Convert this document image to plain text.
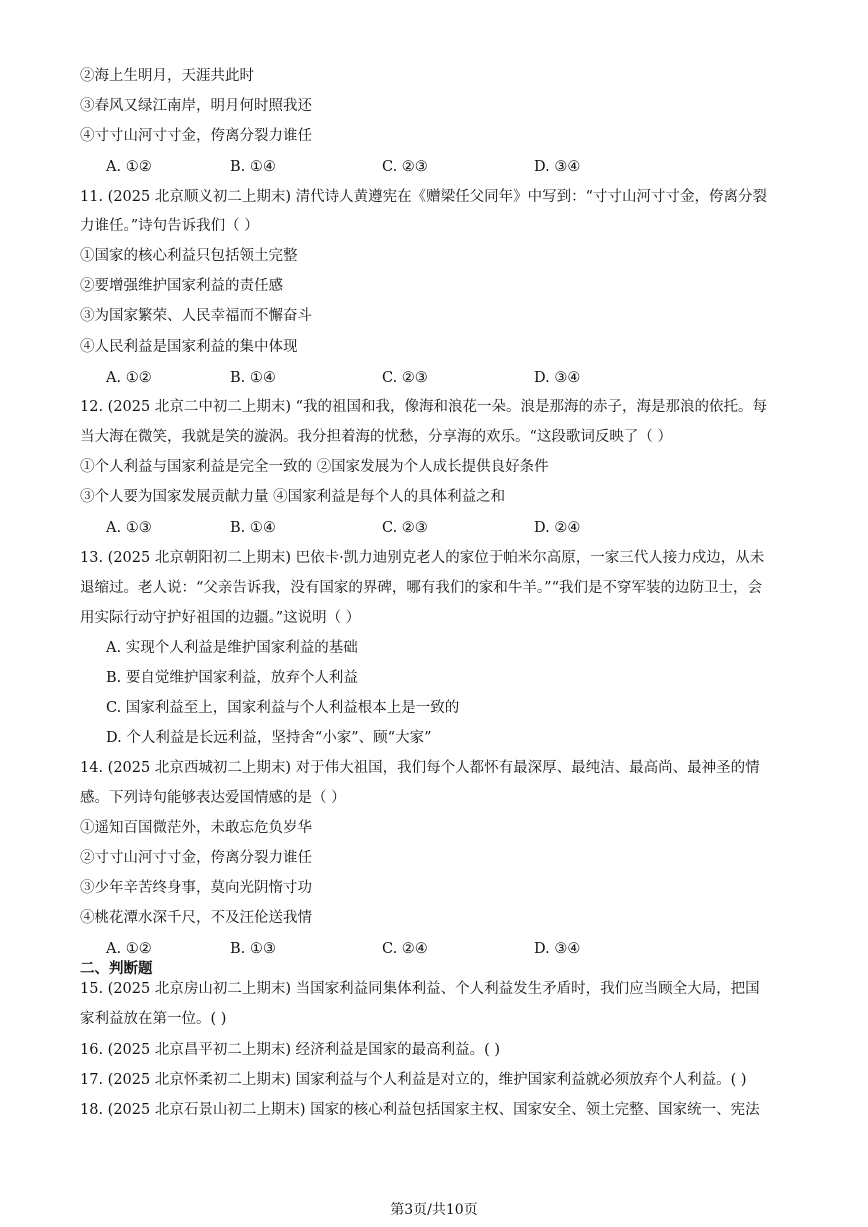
②海上生明月，天涯共此时
③春风又绿江南岸，明月何时照我还
④寸寸山河寸寸金，侉离分裂力谁任
A. ①②	B. ①④	C. ②③	D. ③④
11. (2025 北京顺义初二上期末) 清代诗人黄遵宪在《赠梁任父同年》中写到：“寸寸山河寸寸金，侉离分裂
力谁任。”诗句告诉我们（ ）
①国家的核心利益只包括领土完整
②要增强维护国家利益的责任感
③为国家繁荣、人民幸福而不懈奋斗
④人民利益是国家利益的集中体现
A. ①②	B. ①④	C. ②③	D. ③④
12. (2025 北京二中初二上期末) “我的祖国和我，像海和浪花一朵。浪是那海的赤子，海是那浪的依托。每
当大海在微笑，我就是笑的漩涡。我分担着海的忧愁，分享海的欢乐。“这段歌词反映了（ ）
①个人利益与国家利益是完全一致的 ②国家发展为个人成长提供良好条件
③个人要为国家发展贡献力量 ④国家利益是每个人的具体利益之和
A. ①③	B. ①④	C. ②③	D. ②④
13. (2025 北京朝阳初二上期末) 巴依卡·凯力迪别克老人的家位于帕米尔高原，一家三代人接力戍边，从未
退缩过。老人说：“父亲告诉我，没有国家的界碑，哪有我们的家和牛羊。”“我们是不穿军装的边防卫士，会
用实际行动守护好祖国的边疆。”这说明（ ）
A. 实现个人利益是维护国家利益的基础
B. 要自觉维护国家利益，放弃个人利益
C. 国家利益至上，国家利益与个人利益根本上是一致的
D. 个人利益是长远利益，坚持舍“小家”、顾“大家”
14. (2025 北京西城初二上期末) 对于伟大祖国，我们每个人都怀有最深厚、最纯洁、最高尚、最神圣的情
感。下列诗句能够表达爱国情感的是（ ）
①遥知百国微茫外，未敢忘危负岁华
②寸寸山河寸寸金，侉离分裂力谁任
③少年辛苦终身事，莫向光阴惰寸功
④桃花潭水深千尺，不及汪伦送我情
A. ①②	B. ①③	C. ②④	D. ③④
二、判断题
15. (2025 北京房山初二上期末) 当国家利益同集体利益、个人利益发生矛盾时，我们应当顾全大局，把国
家利益放在第一位。( )
16. (2025 北京昌平初二上期末) 经济利益是国家的最高利益。( )
17. (2025 北京怀柔初二上期末) 国家利益与个人利益是对立的，维护国家利益就必须放弃个人利益。( )
18. (2025 北京石景山初二上期末) 国家的核心利益包括国家主权、国家安全、领土完整、国家统一、宪法
第3页/共10页
